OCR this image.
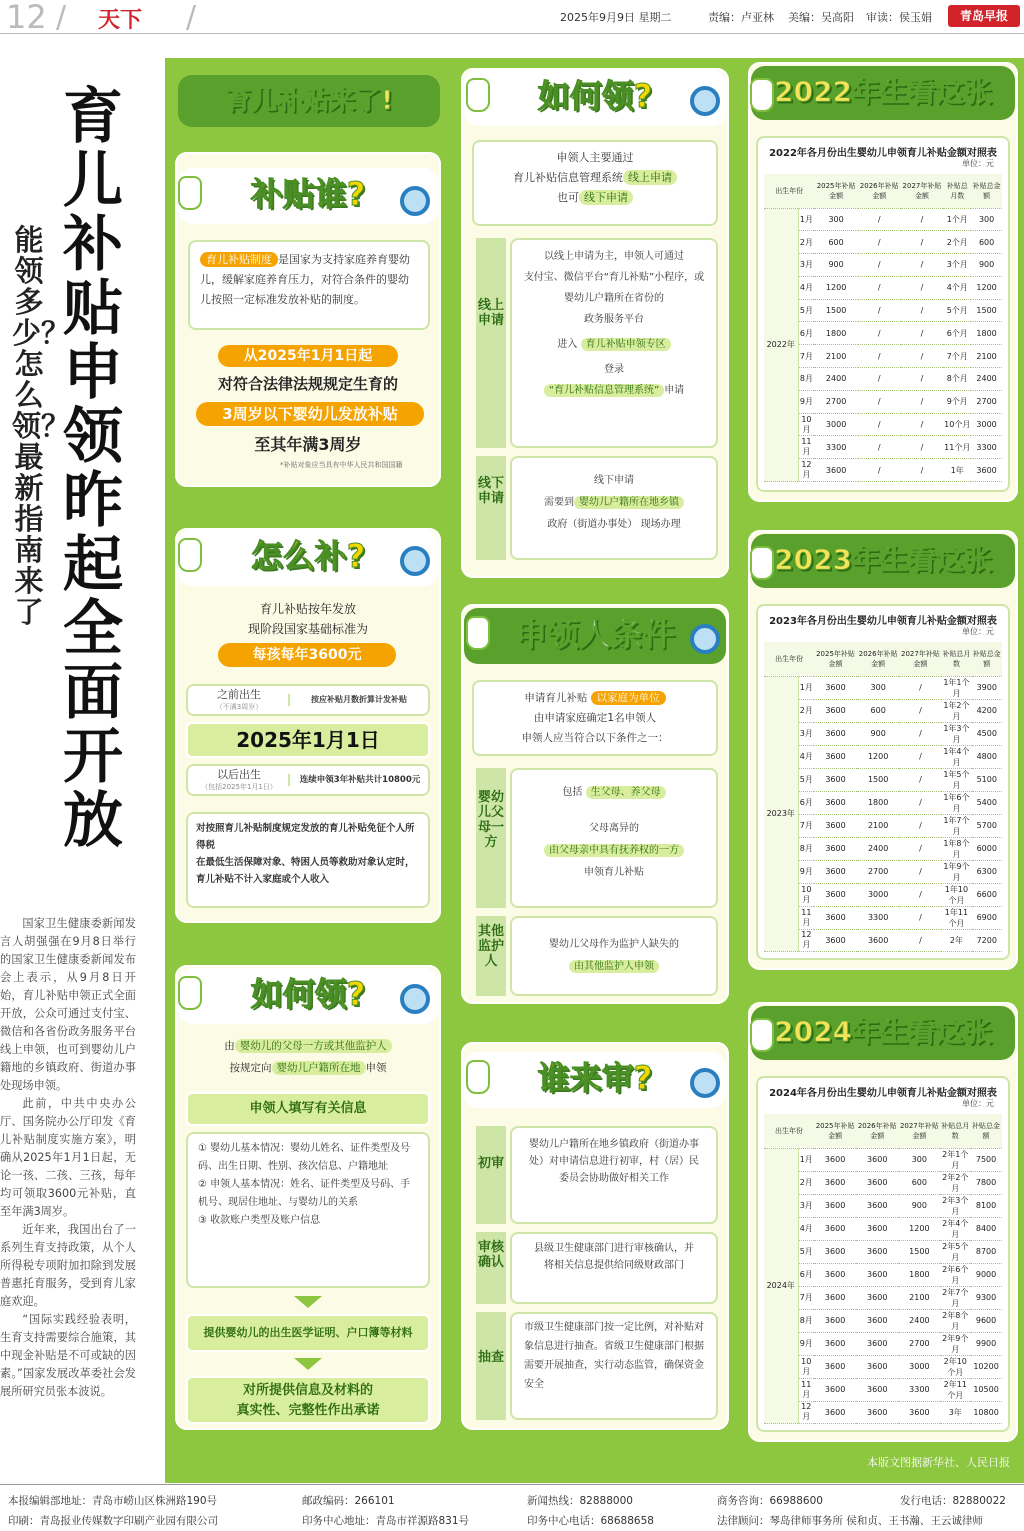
12 / 天下 /	2025年9月9日 星期二	责编：卢亚林 美编：吴高阳 审读：侯玉娟	青岛早报
育儿补贴申领昨起全面开放
能领多少？怎么领？最新指南来了

国家卫生健康委新闻发言人胡强强在9月8日举行的国家卫生健康委新闻发布会上表示，从9月8日开始，育儿补贴申领正式全面开放，公众可通过支付宝、微信和各省份政务服务平台线上申领，也可到婴幼儿户籍地的乡镇政府、街道办事处现场申领。

此前，中共中央办公厅、国务院办公厅印发《育儿补贴制度实施方案》，明确从2025年1月1日起，无论一孩、二孩、三孩，每年均可领取3600元补贴，直至年满3周岁。

近年来，我国出台了一系列生育支持政策，从个人所得税专项附加扣除到发展普惠托育服务，受到育儿家庭欢迎。

“国际实践经验表明，生育支持需要综合施策，其中现金补贴是不可或缺的因素。”国家发展改革委社会发展所研究员张本波说。

育儿补贴来了!
补贴谁?
育儿补贴制度 是国家为支持家庭养育婴幼儿，缓解家庭养育压力，对符合条件的婴幼儿按照一定标准发放补贴的制度。
从2025年1月1日起
对符合法律法规规定生育的
3周岁以下婴幼儿发放补贴
至其年满3周岁
*补贴对象应当具有中华人民共和国国籍
怎么补?
育儿补贴按年发放
现阶段国家基础标准为
每孩每年3600元
之前出生
（不满3周岁）
按应补贴月数折算计发补贴
2025年1月1日
以后出生
（包括2025年1月1日）
连续申领3年补贴共计10800元
对按照育儿补贴制度规定发放的育儿补贴免征个人所得税
在最低生活保障对象、特困人员等救助对象认定时，育儿补贴不计入家庭或个人收入
如何领?
由 婴幼儿的父母一方或其他监护人
按规定向 婴幼儿户籍所在地 申领
申领人填写有关信息
① 婴幼儿基本情况：婴幼儿姓名、证件类型及号码、出生日期、性别、孩次信息、户籍地址
② 申领人基本情况：姓名、证件类型及号码、手机号、现居住地址、与婴幼儿的关系
③ 收款账户类型及账户信息
提供婴幼儿的出生医学证明、户口簿等材料
对所提供信息及材料的
真实性、完整性作出承诺
如何领?
申领人主要通过
育儿补贴信息管理系统 线上申请
也可 线下申请
线上申请
以线上申请为主，申领人可通过
支付宝、微信平台“育儿补贴”小程序，或
婴幼儿户籍所在省份的
政务服务平台
进入 育儿补贴申领专区
登录
“育儿补贴信息管理系统” 申请
线下申请
线下申请
需要到 婴幼儿户籍所在地乡镇
政府（街道办事处） 现场办理
申领人条件
申请育儿补贴 以家庭为单位
由申请家庭确定1名申领人
申领人应当符合以下条件之一：
婴幼儿父母一方
包括 生父母、养父母
父母离异的
由父母亲中具有抚养权的一方
申领育儿补贴
其他监护人
婴幼儿父母作为监护人缺失的
由其他监护人申领
谁来审?
初审
婴幼儿户籍所在地乡镇政府（街道办事处）对申请信息进行初审，村（居）民委员会协助做好相关工作
审核确认
县级卫生健康部门进行审核确认，并将相关信息提供给同级财政部门
抽查
市级卫生健康部门按一定比例，对补贴对象信息进行抽查。省级卫生健康部门根据需要开展抽查，实行动态监管，确保资金安全
2022年生看这张
2022年各月份出生婴幼儿申领育儿补贴金额对照表
单位：元
出生年份		2025年补贴金额	2026年补贴金额	2027年补贴金额	补贴总月数	补贴总金额
2022年	1月	300	/	/	1个月	300
	2月	600	/	/	2个月	600
	3月	900	/	/	3个月	900
	4月	1200	/	/	4个月	1200
	5月	1500	/	/	5个月	1500
	6月	1800	/	/	6个月	1800
	7月	2100	/	/	7个月	2100
	8月	2400	/	/	8个月	2400
	9月	2700	/	/	9个月	2700
	10月	3000	/	/	10个月	3000
	11月	3300	/	/	11个月	3300
	12月	3600	/	/	1年	3600
2023年生看这张
2023年各月份出生婴幼儿申领育儿补贴金额对照表
单位：元
出生年份		2025年补贴金额	2026年补贴金额	2027年补贴金额	补贴总月数	补贴总金额
2023年	1月	3600	300	/	1年1个月	3900
	2月	3600	600	/	1年2个月	4200
	3月	3600	900	/	1年3个月	4500
	4月	3600	1200	/	1年4个月	4800
	5月	3600	1500	/	1年5个月	5100
	6月	3600	1800	/	1年6个月	5400
	7月	3600	2100	/	1年7个月	5700
	8月	3600	2400	/	1年8个月	6000
	9月	3600	2700	/	1年9个月	6300
	10月	3600	3000	/	1年10个月	6600
	11月	3600	3300	/	1年11个月	6900
	12月	3600	3600	/	2年	7200
2024年生看这张
2024年各月份出生婴幼儿申领育儿补贴金额对照表
单位：元
出生年份		2025年补贴金额	2026年补贴金额	2027年补贴金额	补贴总月数	补贴总金额
2024年	1月	3600	3600	300	2年1个月	7500
	2月	3600	3600	600	2年2个月	7800
	3月	3600	3600	900	2年3个月	8100
	4月	3600	3600	1200	2年4个月	8400
	5月	3600	3600	1500	2年5个月	8700
	6月	3600	3600	1800	2年6个月	9000
	7月	3600	3600	2100	2年7个月	9300
	8月	3600	3600	2400	2年8个月	9600
	9月	3600	3600	2700	2年9个月	9900
	10月	3600	3600	3000	2年10个月	10200
	11月	3600	3600	3300	2年11个月	10500
	12月	3600	3600	3600	3年	10800
本版文图据新华社、人民日报
本报编辑部地址：青岛市崂山区株洲路190号
印刷：青岛报业传媒数字印刷产业园有限公司
邮政编码：266101
印务中心地址：青岛市祥源路831号
新闻热线：82888000
印务中心电话：68688658
商务咨询：66988600
法律顾问：琴岛律师事务所 侯和贞、王书瀚、王云诚律师
发行电话：82880022
